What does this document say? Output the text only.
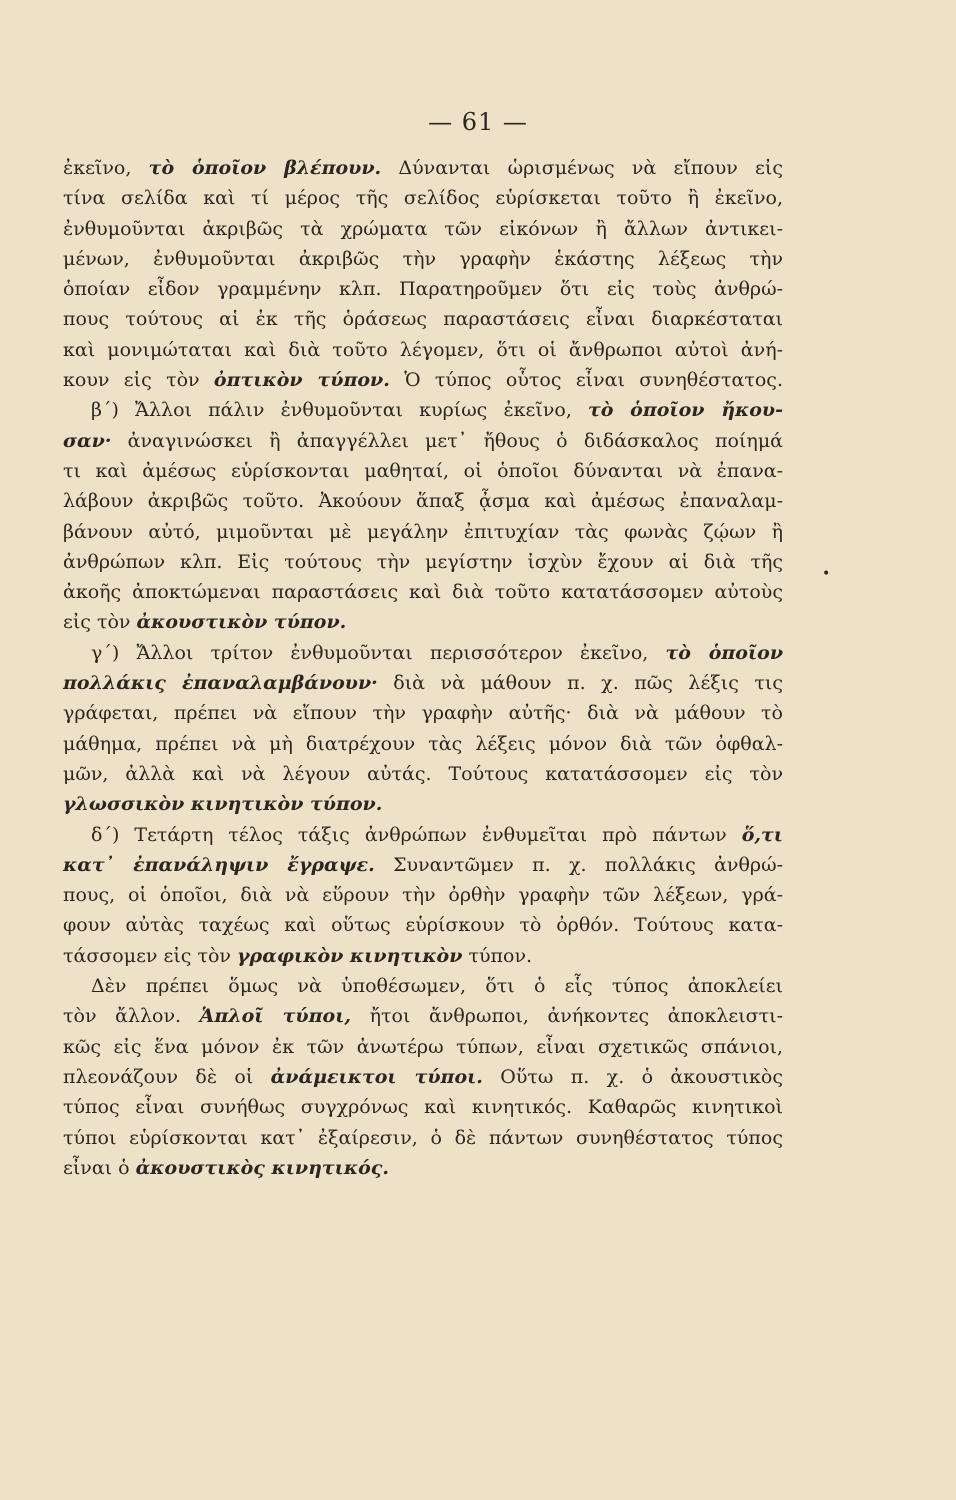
— 61 —
•
ἐκεῖνο, τὸ ὁποῖον βλέπουν. Δύνανται ὡρισμένως νὰ εἴπουν εἰς
τίνα σελίδα καὶ τί μέρος τῆς σελίδος εὑρίσκεται τοῦτο ἢ ἐκεῖνο,
ἐνθυμοῦνται ἀκριβῶς τὰ χρώματα τῶν εἰκόνων ἢ ἄλλων ἀντικει-
μένων, ἐνθυμοῦνται ἀκριβῶς τὴν γραφὴν ἑκάστης λέξεως τὴν
ὁποίαν εἶδον γραμμένην κλπ. Παρατηροῦμεν ὅτι εἰς τοὺς ἀνθρώ-
πους τούτους αἱ ἐκ τῆς ὁράσεως παραστάσεις εἶναι διαρκέσταται
καὶ μονιμώταται καὶ διὰ τοῦτο λέγομεν, ὅτι οἱ ἄνθρωποι αὐτοὶ ἀνή-
κουν εἰς τὸν ὀπτικὸν τύπον. Ὁ τύπος οὗτος εἶναι συνηθέστατος.
β΄) Ἄλλοι πάλιν ἐνθυμοῦνται κυρίως ἐκεῖνο, τὸ ὁποῖον ἤκου-
σαν· ἀναγινώσκει ἢ ἀπαγγέλλει μετ᾿ ἤθους ὁ διδάσκαλος ποίημά
τι καὶ ἀμέσως εὑρίσκονται μαθηταί, οἱ ὁποῖοι δύνανται νὰ ἐπανα-
λάβουν ἀκριβῶς τοῦτο. Ἀκούουν ἅπαξ ᾆσμα καὶ ἀμέσως ἐπαναλαμ-
βάνουν αὐτό, μιμοῦνται μὲ μεγάλην ἐπιτυχίαν τὰς φωνὰς ζῴων ἢ
ἀνθρώπων κλπ. Εἰς τούτους τὴν μεγίστην ἰσχὺν ἔχουν αἱ διὰ τῆς
ἀκοῆς ἀποκτώμεναι παραστάσεις καὶ διὰ τοῦτο κατατάσσομεν αὐτοὺς
εἰς τὸν ἀκουστικὸν τύπον.
γ΄) Ἄλλοι τρίτον ἐνθυμοῦνται περισσότερον ἐκεῖνο, τὸ ὁποῖον
πολλάκις ἐπαναλαμβάνουν· διὰ νὰ μάθουν π. χ. πῶς λέξις τις
γράφεται, πρέπει νὰ εἴπουν τὴν γραφὴν αὐτῆς· διὰ νὰ μάθουν τὸ
μάθημα, πρέπει νὰ μὴ διατρέχουν τὰς λέξεις μόνον διὰ τῶν ὀφθαλ-
μῶν, ἀλλὰ καὶ νὰ λέγουν αὐτάς. Τούτους κατατάσσομεν εἰς τὸν
γλωσσικὸν κινητικὸν τύπον.
δ΄) Τετάρτη τέλος τάξις ἀνθρώπων ἐνθυμεῖται πρὸ πάντων ὅ,τι
κατ᾿ ἐπανάληψιν ἔγραψε. Συναντῶμεν π. χ. πολλάκις ἀνθρώ-
πους, οἱ ὁποῖοι, διὰ νὰ εὕρουν τὴν ὀρθὴν γραφὴν τῶν λέξεων, γρά-
φουν αὐτὰς ταχέως καὶ οὕτως εὑρίσκουν τὸ ὀρθόν. Τούτους κατα-
τάσσομεν εἰς τὸν γραφικὸν κινητικὸν τύπον.
Δὲν πρέπει ὅμως νὰ ὑποθέσωμεν, ὅτι ὁ εἷς τύπος ἀποκλείει
τὸν ἄλλον. Ἁπλοῖ τύποι, ἤτοι ἄνθρωποι, ἀνήκοντες ἀποκλειστι-
κῶς εἰς ἕνα μόνον ἐκ τῶν ἀνωτέρω τύπων, εἶναι σχετικῶς σπάνιοι,
πλεονάζουν δὲ οἱ ἀνάμεικτοι τύποι. Οὕτω π. χ. ὁ ἀκουστικὸς
τύπος εἶναι συνήθως συγχρόνως καὶ κινητικός. Καθαρῶς κινητικοὶ
τύποι εὑρίσκονται κατ᾿ ἐξαίρεσιν, ὁ δὲ πάντων συνηθέστατος τύπος
εἶναι ὁ ἀκουστικὸς κινητικός.
